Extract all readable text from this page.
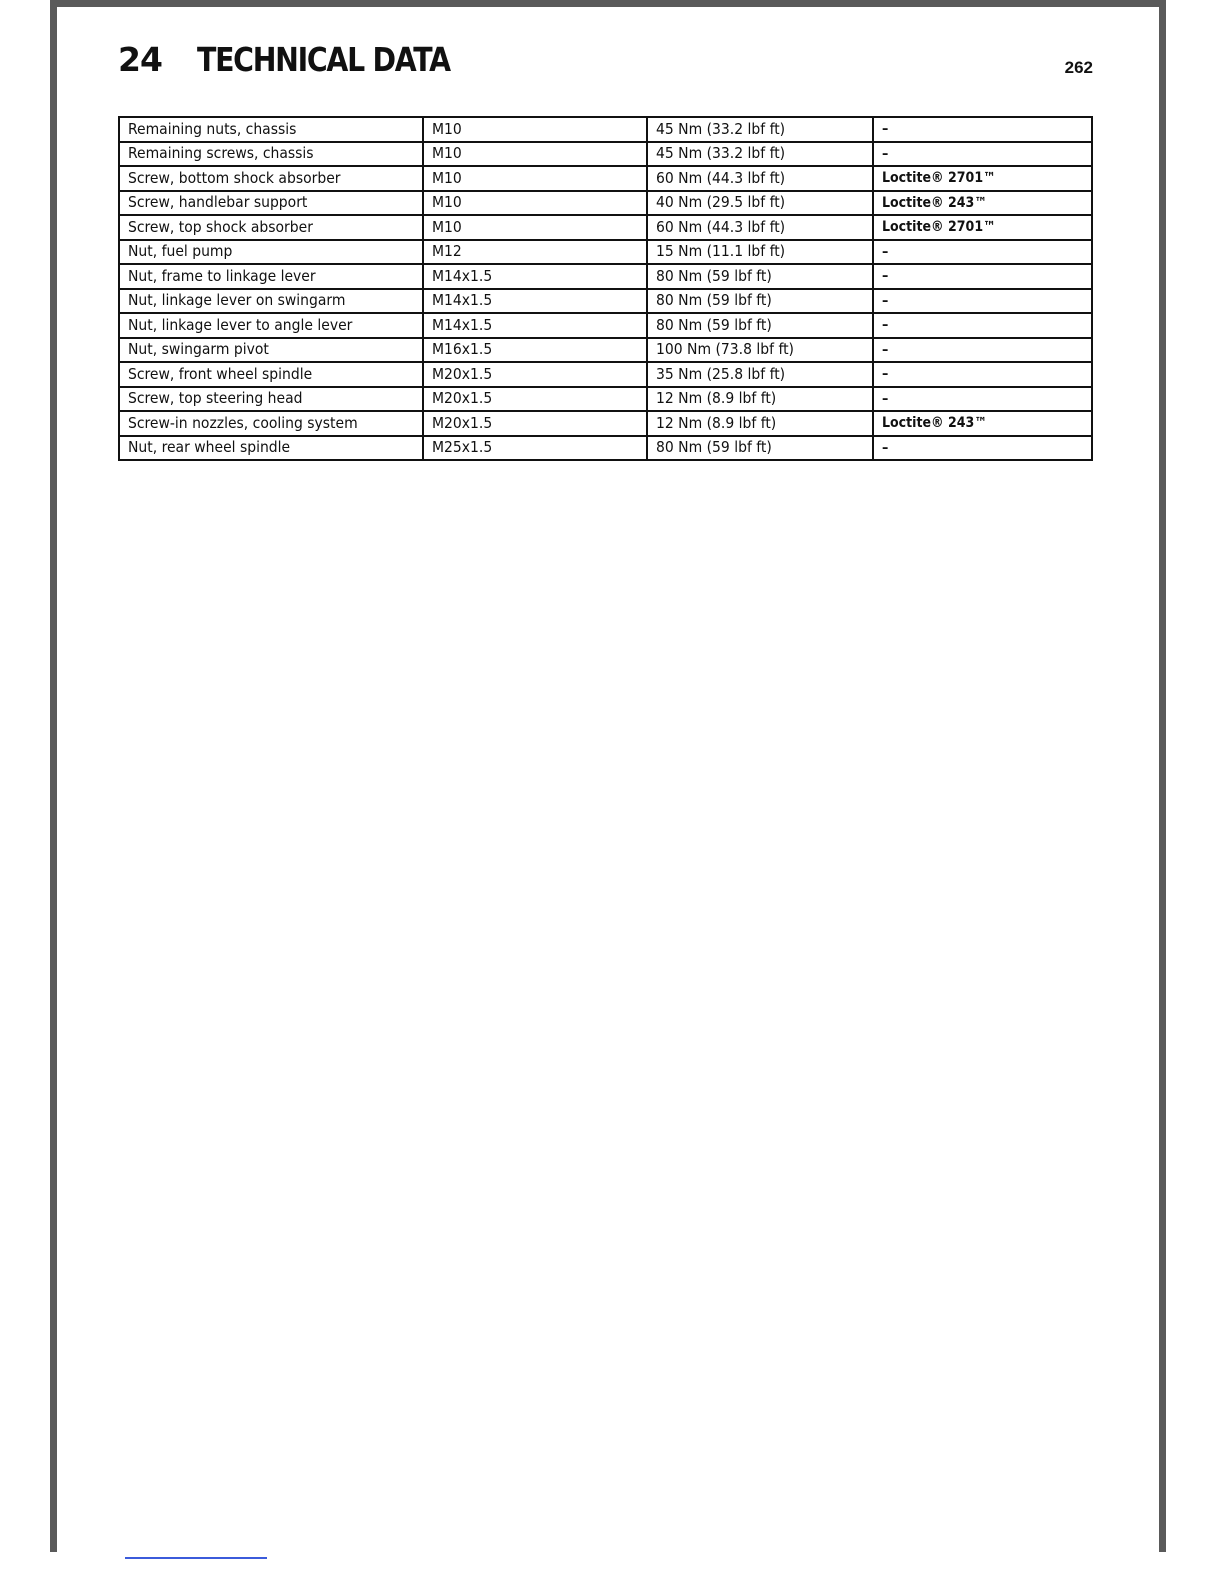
24 TECHNICAL DATA	262
Remaining nuts, chassis	M10	45 Nm (33.2 lbf ft)	–
Remaining screws, chassis	M10	45 Nm (33.2 lbf ft)	–
Screw, bottom shock absorber	M10	60 Nm (44.3 lbf ft)	Loctite® 2701™
Screw, handlebar support	M10	40 Nm (29.5 lbf ft)	Loctite® 243™
Screw, top shock absorber	M10	60 Nm (44.3 lbf ft)	Loctite® 2701™
Nut, fuel pump	M12	15 Nm (11.1 lbf ft)	–
Nut, frame to linkage lever	M14x1.5	80 Nm (59 lbf ft)	–
Nut, linkage lever on swingarm	M14x1.5	80 Nm (59 lbf ft)	–
Nut, linkage lever to angle lever	M14x1.5	80 Nm (59 lbf ft)	–
Nut, swingarm pivot	M16x1.5	100 Nm (73.8 lbf ft)	–
Screw, front wheel spindle	M20x1.5	35 Nm (25.8 lbf ft)	–
Screw, top steering head	M20x1.5	12 Nm (8.9 lbf ft)	–
Screw-in nozzles, cooling system	M20x1.5	12 Nm (8.9 lbf ft)	Loctite® 243™
Nut, rear wheel spindle	M25x1.5	80 Nm (59 lbf ft)	–
